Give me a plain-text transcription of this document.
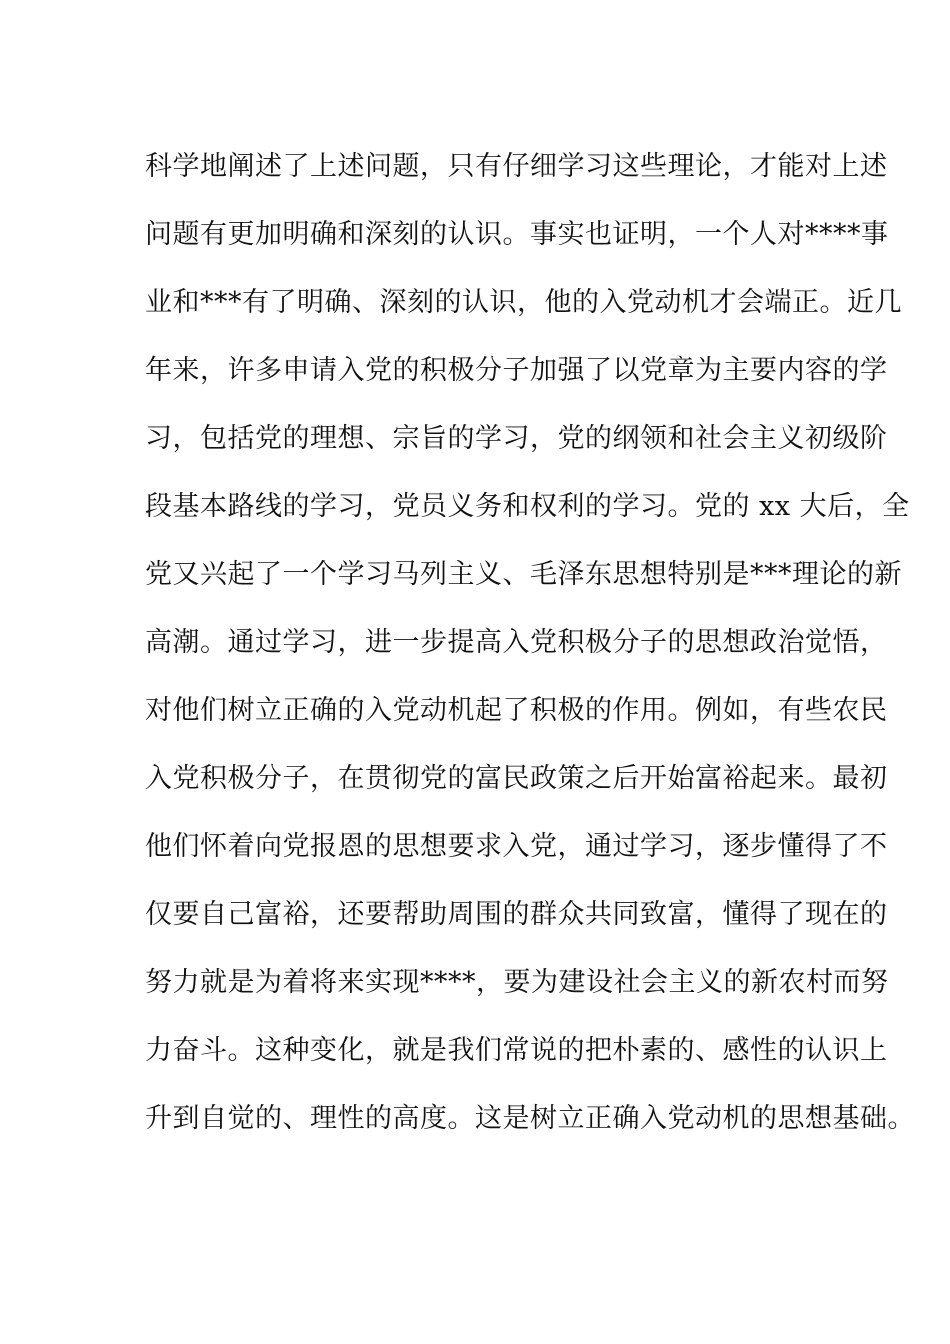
科学地阐述了上述问题，只有仔细学习这些理论，才能对上述
问题有更加明确和深刻的认识。事实也证明，一个人对****事
业和***有了明确、深刻的认识，他的入党动机才会端正。近几
年来，许多申请入党的积极分子加强了以党章为主要内容的学
习，包括党的理想、宗旨的学习，党的纲领和社会主义初级阶
段基本路线的学习，党员义务和权利的学习。党的 xx 大后，全
党又兴起了一个学习马列主义、毛泽东思想特别是***理论的新
高潮。通过学习，进一步提高入党积极分子的思想政治觉悟，
对他们树立正确的入党动机起了积极的作用。例如，有些农民
入党积极分子，在贯彻党的富民政策之后开始富裕起来。最初
他们怀着向党报恩的思想要求入党，通过学习，逐步懂得了不
仅要自己富裕，还要帮助周围的群众共同致富，懂得了现在的
努力就是为着将来实现****，要为建设社会主义的新农村而努
力奋斗。这种变化，就是我们常说的把朴素的、感性的认识上
升到自觉的、理性的高度。这是树立正确入党动机的思想基础。
